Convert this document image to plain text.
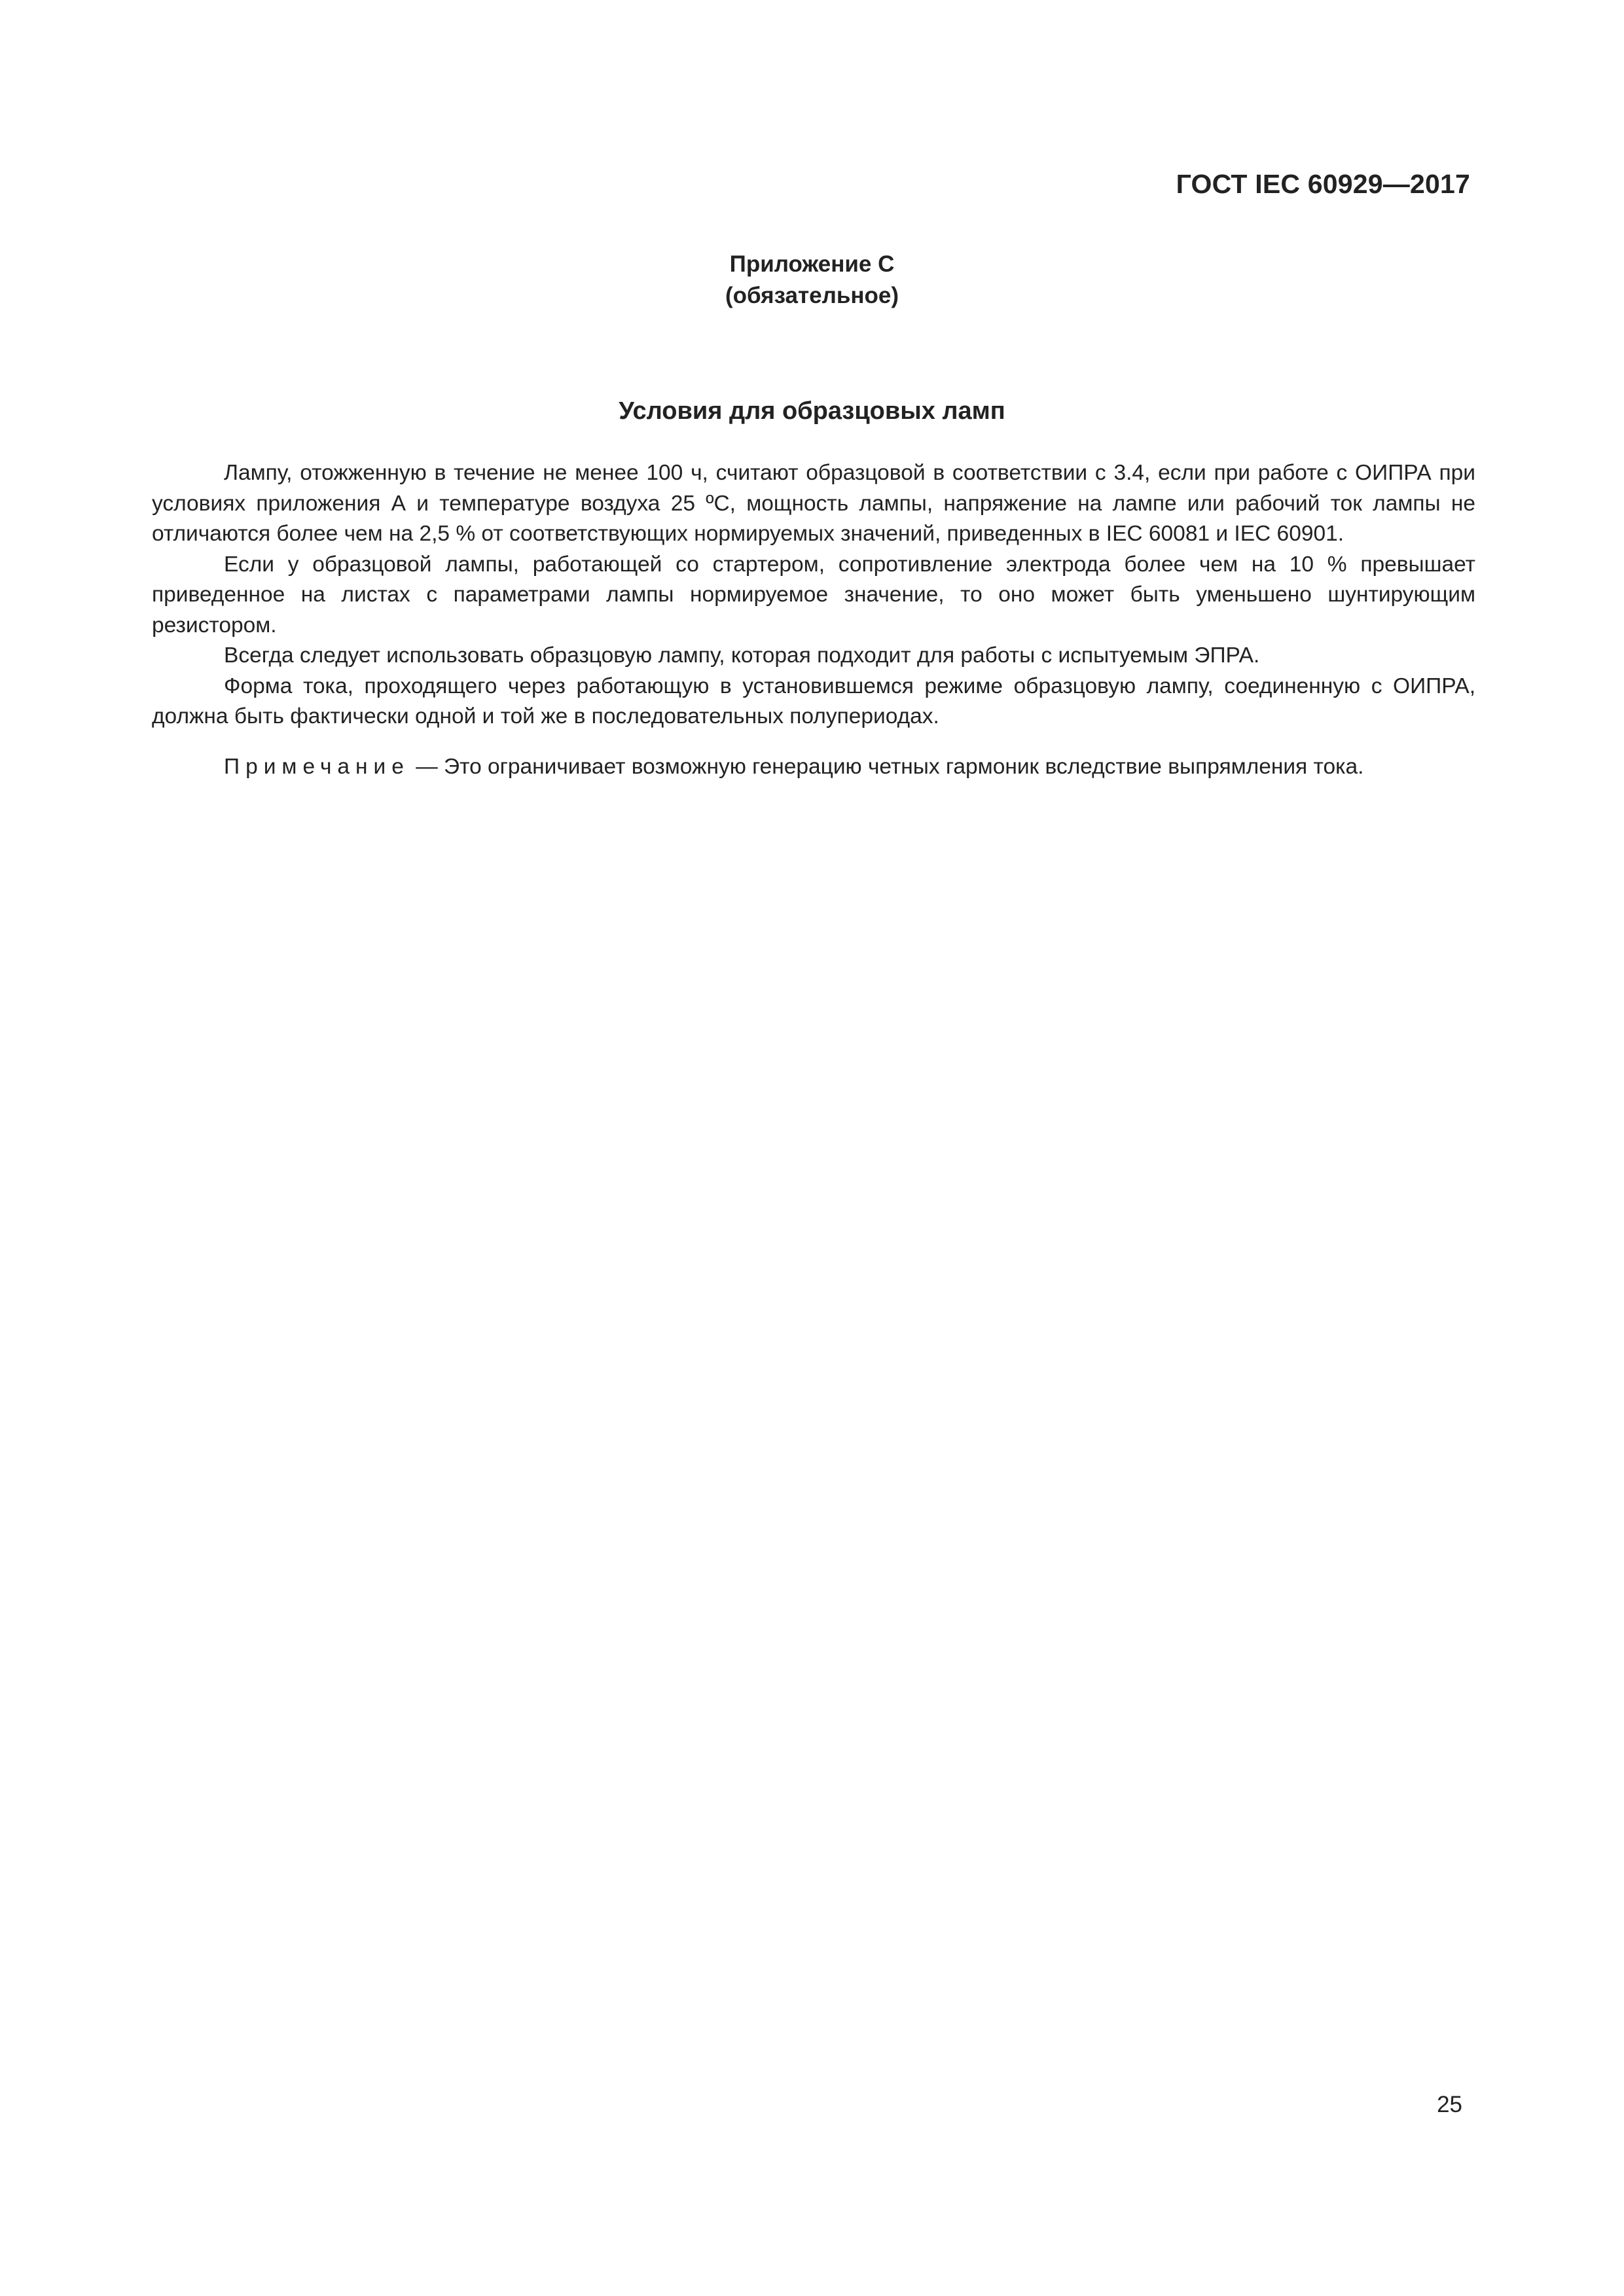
ГОСТ IEC 60929—2017
Приложение С
(обязательное)
Условия для образцовых ламп

Лампу, отожженную в течение не менее 100 ч, считают образцовой в соответствии с 3.4, если при работе с ОИПРА при условиях приложения А и температуре воздуха 25 ºС, мощность лампы, напряжение на лампе или рабочий ток лампы не отличаются более чем на 2,5 % от соответствующих нормируемых значений, приведенных в IEC 60081 и IEC 60901.

Если у образцовой лампы, работающей со стартером, сопротивление электрода более чем на 10 % превышает приведенное на листах с параметрами лампы нормируемое значение, то оно может быть уменьшено шунтирующим резистором.

Всегда следует использовать образцовую лампу, которая подходит для работы с испытуемым ЭПРА.

Форма тока, проходящего через работающую в установившемся режиме образцовую лампу, соединенную с ОИПРА, должна быть фактически одной и той же в последовательных полупериодах.

Примечание — Это ограничивает возможную генерацию четных гармоник вследствие выпрямления тока.

25
